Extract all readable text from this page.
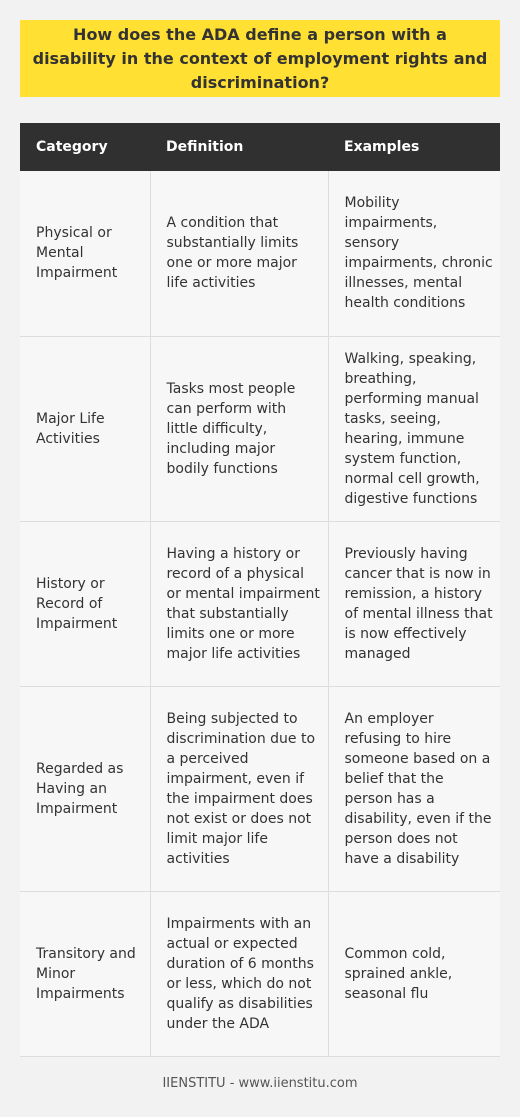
How does the ADA define a person with a disability in the context of employment rights and discrimination?
Category	Definition	Examples
Physical or Mental Impairment	A condition that substantially limits one or more major life activities	Mobility impairments, sensory impairments, chronic illnesses, mental health conditions
Major Life Activities	Tasks most people can perform with little difficulty, including major bodily functions	Walking, speaking, breathing, performing manual tasks, seeing, hearing, immune system function, normal cell growth, digestive functions
History or Record of Impairment	Having a history or record of a physical or mental impairment that substantially limits one or more major life activities	Previously having cancer that is now in remission, a history of mental illness that is now effectively managed
Regarded as Having an Impairment	Being subjected to discrimination due to a perceived impairment, even if the impairment does not exist or does not limit major life activities	An employer refusing to hire someone based on a belief that the person has a disability, even if the person does not have a disability
Transitory and Minor Impairments	Impairments with an actual or expected duration of 6 months or less, which do not qualify as disabilities under the ADA	Common cold, sprained ankle, seasonal flu
IIENSTITU - www.iienstitu.com
